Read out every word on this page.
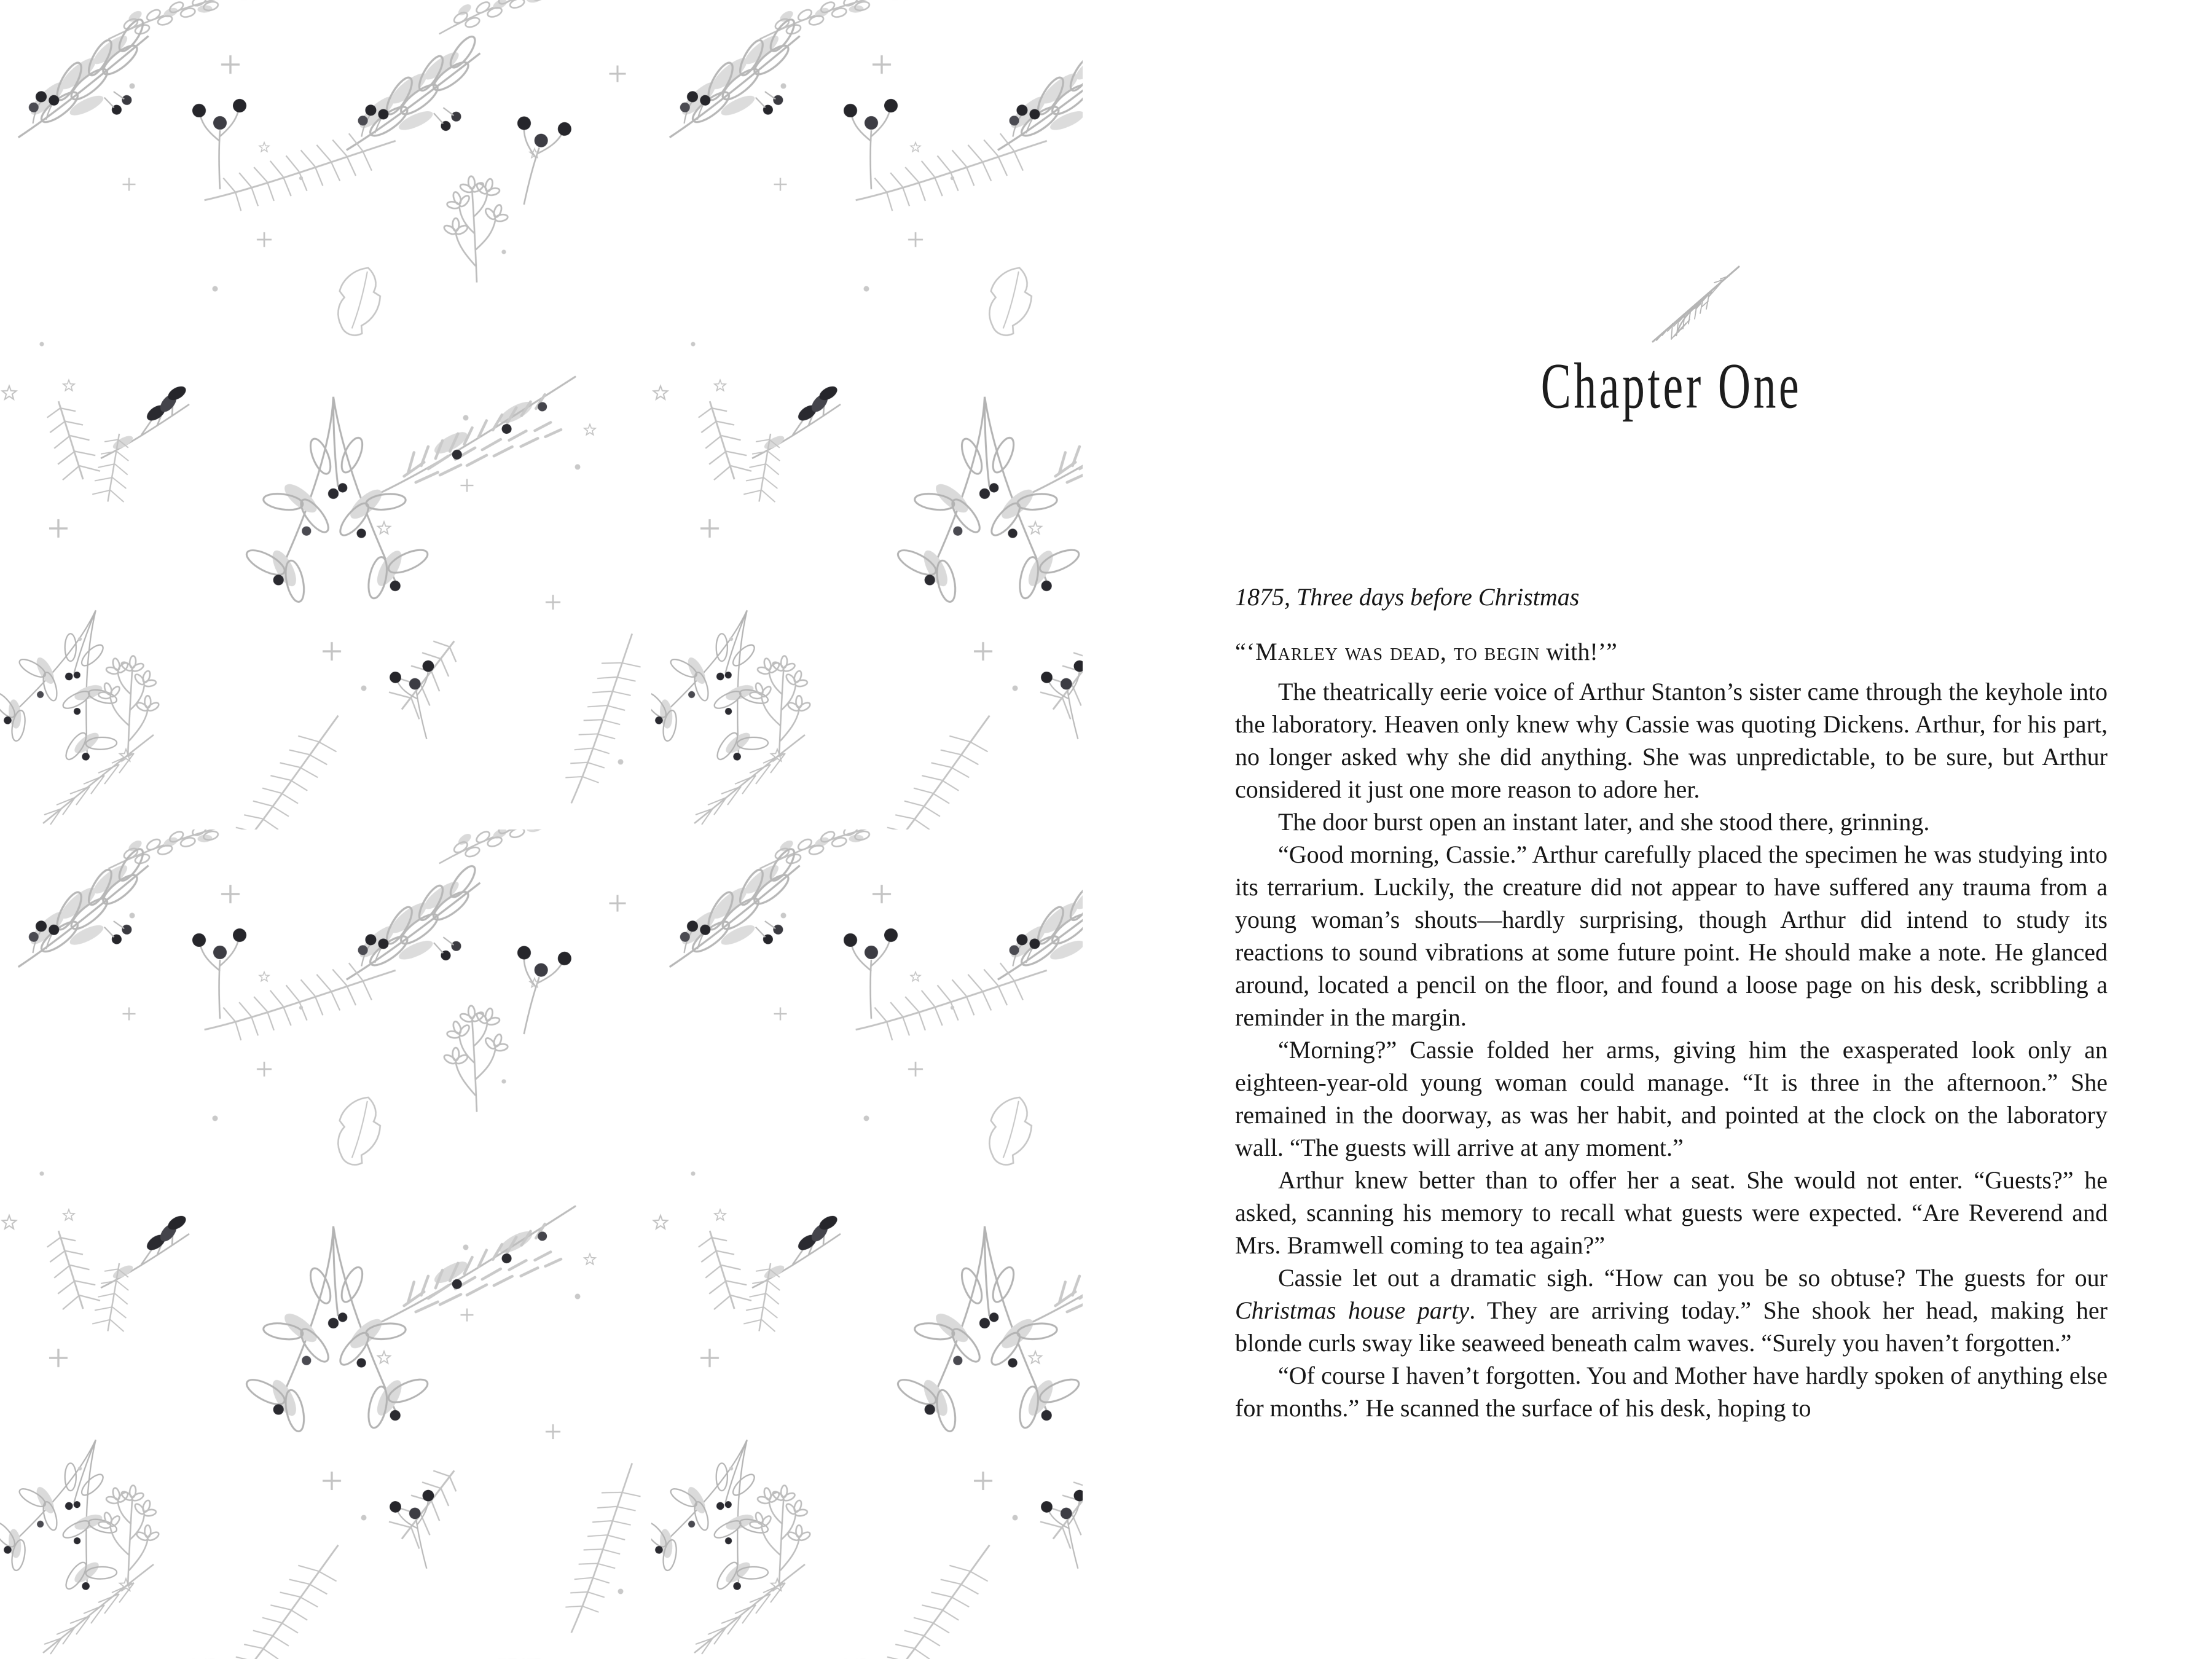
Chapter One

1875, Three days before Christmas

“‘Marley was dead, to begin with!’”

The theatrically eerie voice of Arthur Stanton’s sister came through the keyhole into the laboratory. Heaven only knew why Cassie was quoting Dickens. Arthur, for his part, no longer asked why she did anything. She was unpredictable, to be sure, but Arthur considered it just one more reason to adore her.

The door burst open an instant later, and she stood there, grinning.

“Good morning, Cassie.” Arthur carefully placed the specimen he was studying into its terrarium. Luckily, the creature did not appear to have suffered any trauma from a young woman’s shouts—hardly surprising, though Arthur did intend to study its reactions to sound vibrations at some future point. He should make a note. He glanced around, located a pencil on the floor, and found a loose page on his desk, scribbling a reminder in the margin.

“Morning?” Cassie folded her arms, giving him the exasperated look only an eighteen-year-old young woman could manage. “It is three in the afternoon.” She remained in the doorway, as was her habit, and pointed at the clock on the laboratory wall. “The guests will arrive at any moment.”

Arthur knew better than to offer her a seat. She would not enter. “Guests?” he asked, scanning his memory to recall what guests were expected. “Are Reverend and Mrs. Bramwell coming to tea again?”

Cassie let out a dramatic sigh. “How can you be so obtuse? The guests for our Christmas house party. They are arriving today.” She shook her head, making her blonde curls sway like seaweed beneath calm waves. “Surely you haven’t forgotten.”

“Of course I haven’t forgotten. You and Mother have hardly spoken of anything else for months.” He scanned the surface of his desk, hoping to
